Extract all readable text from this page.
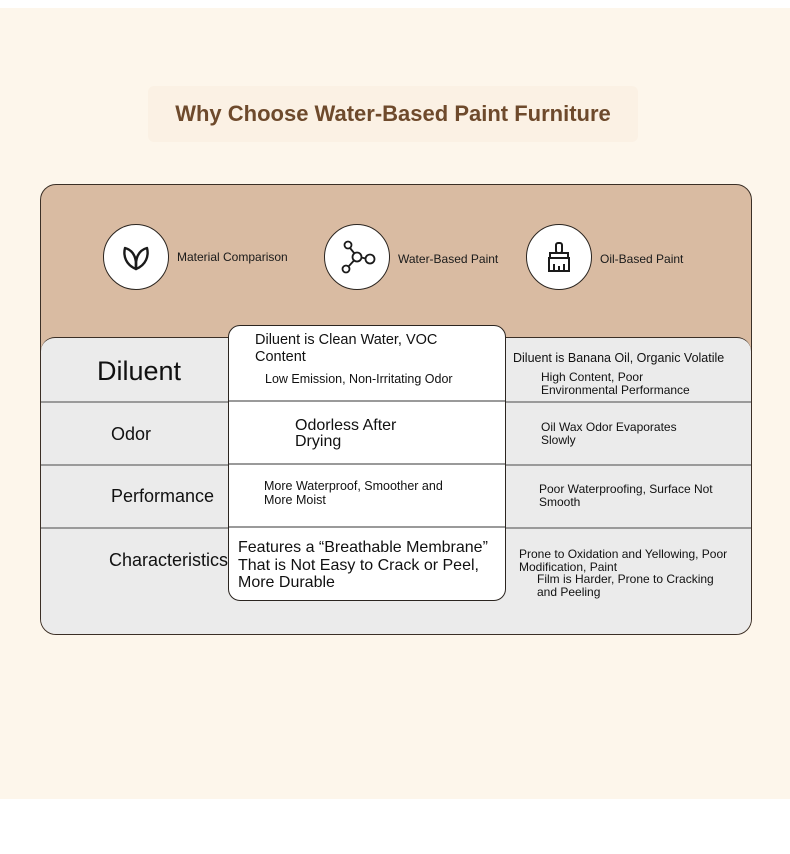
Why Choose Water-Based Paint Furniture
Material Comparison	Water-Based Paint	Oil-Based Paint
Diluent
Odor
Performance
Characteristics
Diluent is Banana Oil, Organic Volatile
High Content, Poor Environmental Performance
Oil Wax Odor Evaporates Slowly
Poor Waterproofing, Surface Not Smooth
Prone to Oxidation and Yellowing, Poor Modification, Paint
Film is Harder, Prone to Cracking and Peeling
Diluent is Clean Water, VOC Content
Low Emission, Non-Irritating Odor
Odorless After Drying
More Waterproof, Smoother and More Moist
Features a “Breathable Membrane” That is Not Easy to Crack or Peel, More Durable
